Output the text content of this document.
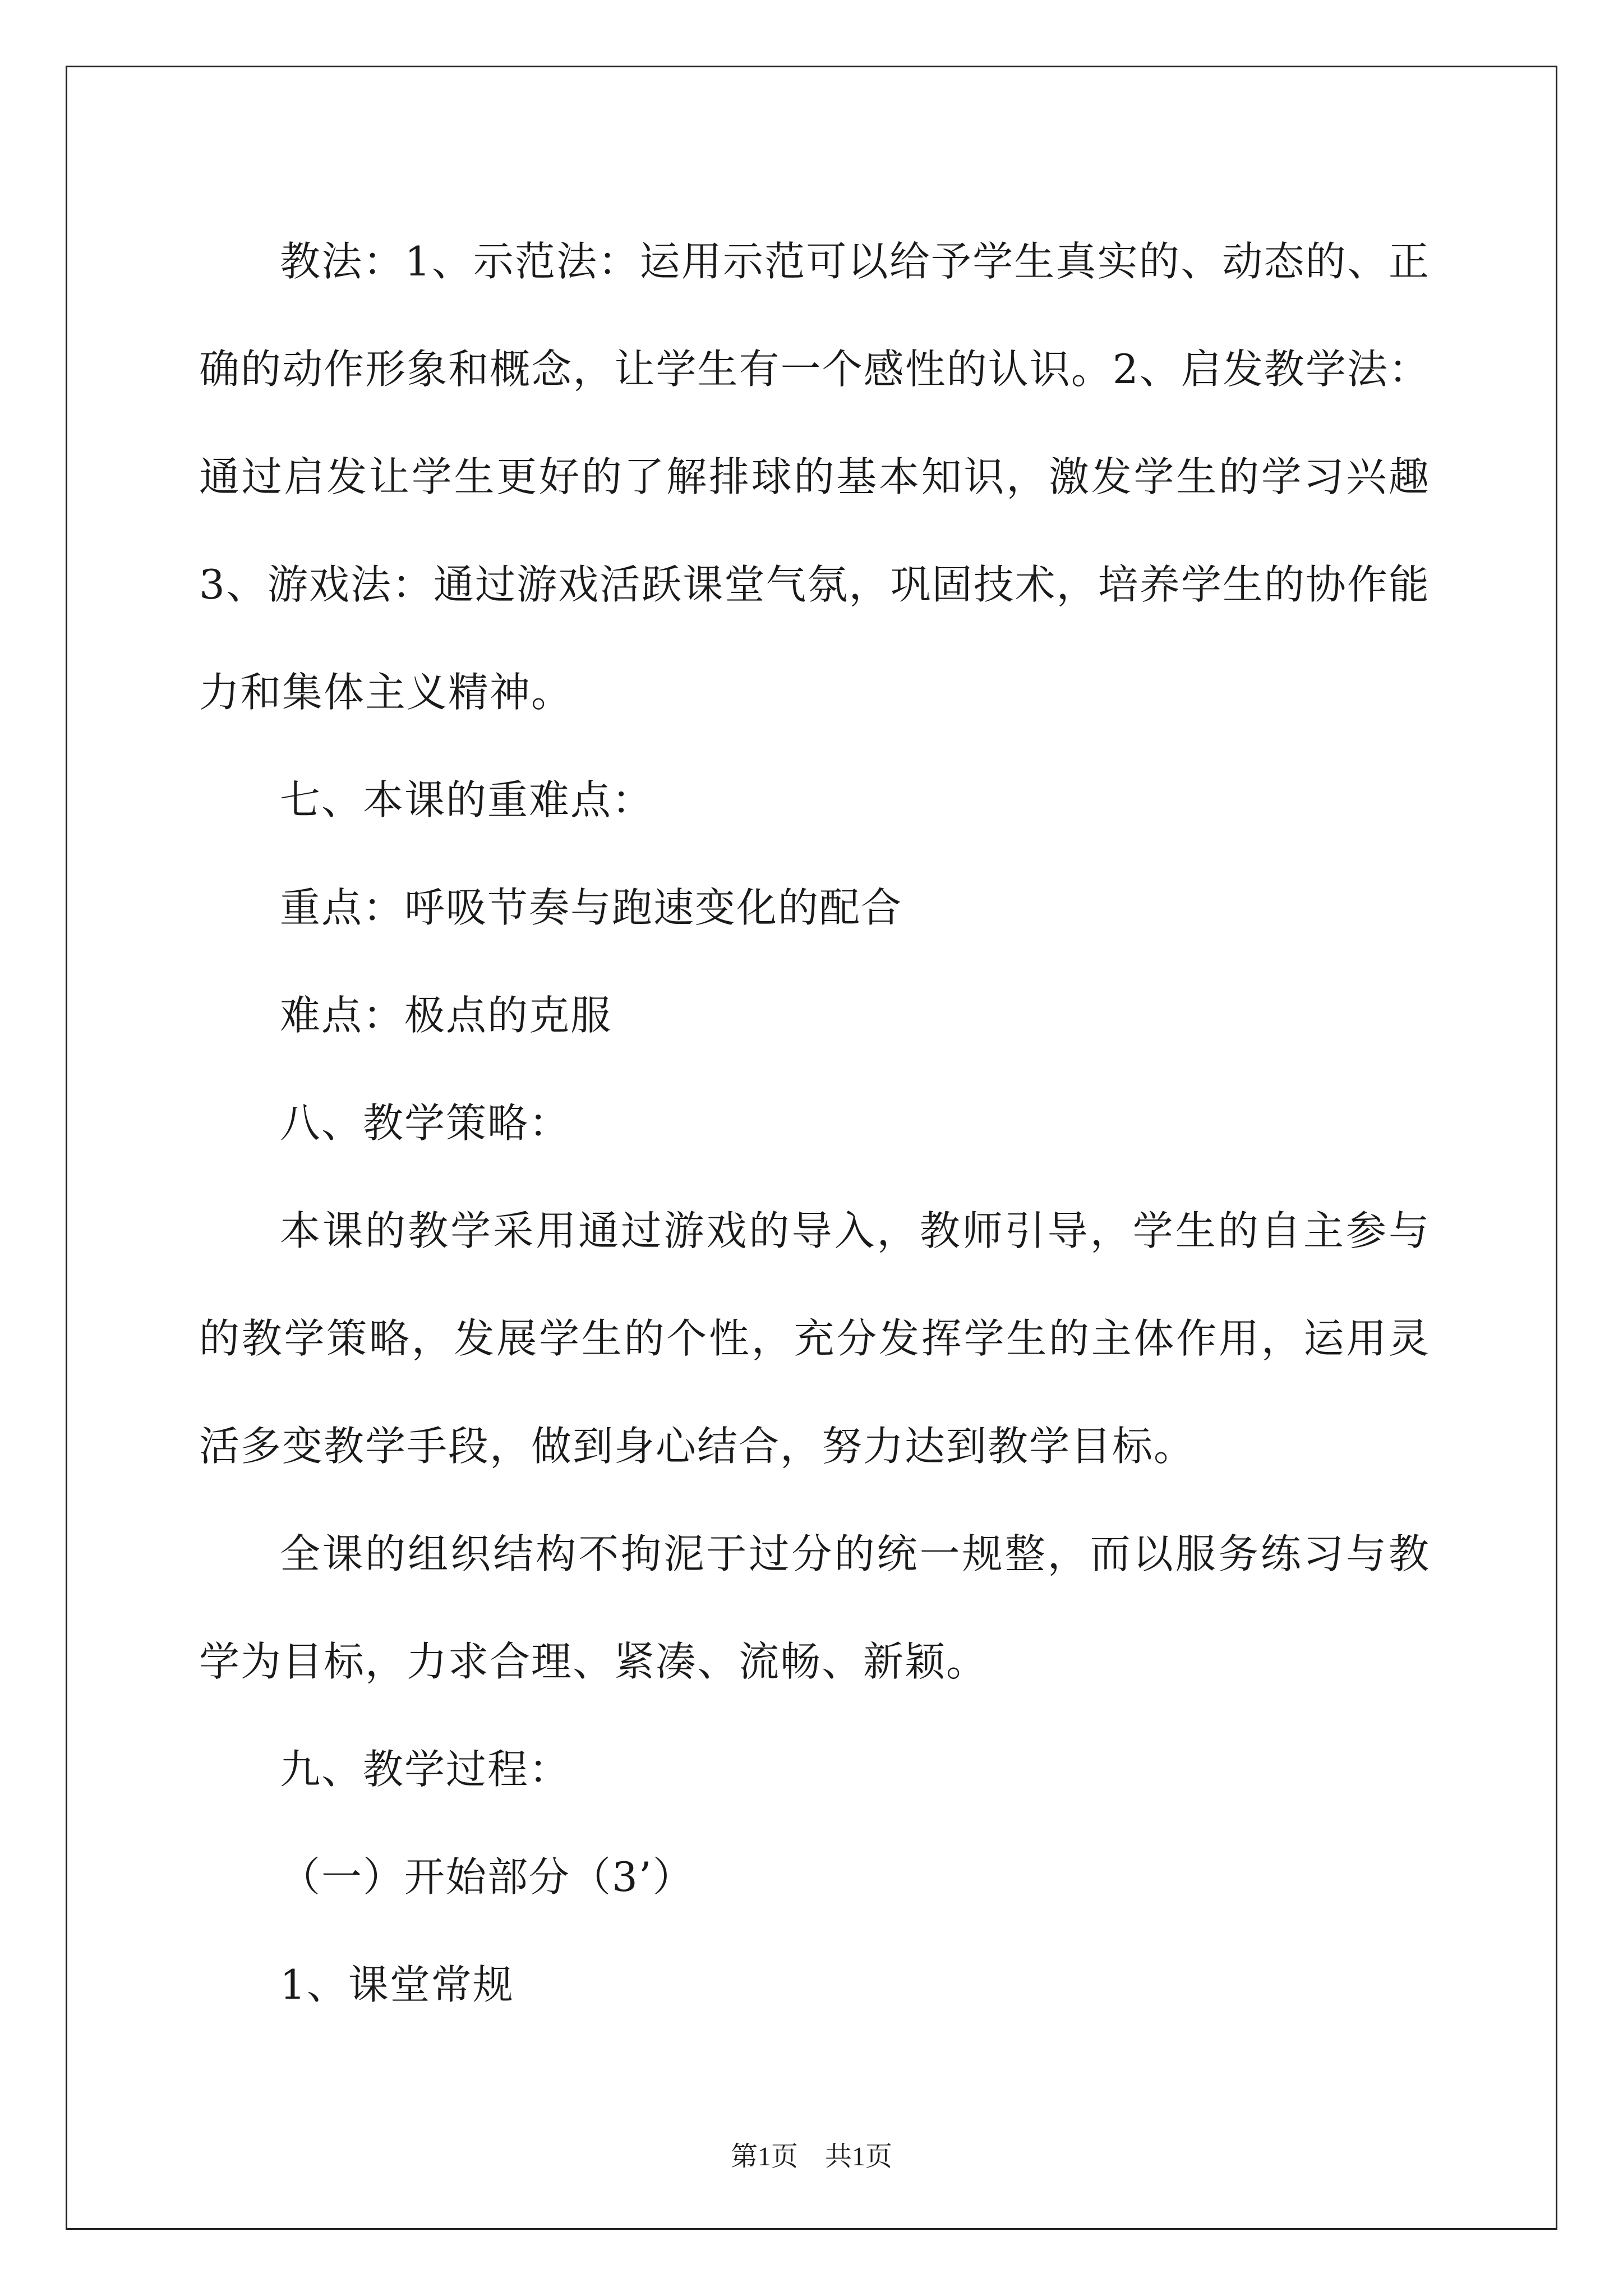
教法：1、示范法：运用示范可以给予学生真实的、动态的、正确的动作形象和概念，让学生有一个感性的认识。2、启发教学法：通过启发让学生更好的了解排球的基本知识，激发学生的学习兴趣3、游戏法：通过游戏活跃课堂气氛，巩固技术，培养学生的协作能力和集体主义精神。

七、本课的重难点：

重点：呼吸节奏与跑速变化的配合

难点：极点的克服

八、教学策略：

本课的教学采用通过游戏的导入，教师引导，学生的自主参与的教学策略，发展学生的个性，充分发挥学生的主体作用，运用灵活多变教学手段，做到身心结合，努力达到教学目标。

全课的组织结构不拘泥于过分的统一规整，而以服务练习与教学为目标，力求合理、紧凑、流畅、新颖。

九、教学过程：

（一）开始部分（3’）

1、课堂常规

第1页 共1页
